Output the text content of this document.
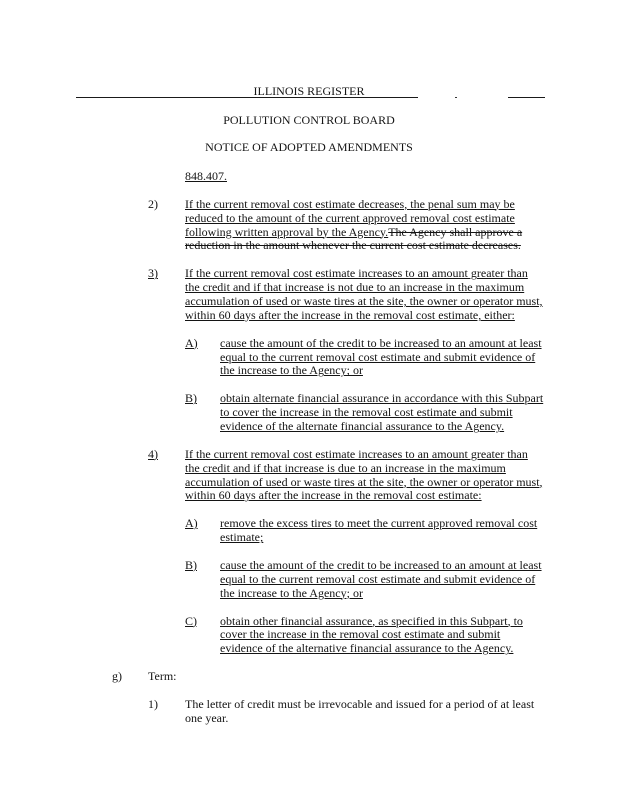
ILLINOIS REGISTER
POLLUTION CONTROL BOARD
NOTICE OF ADOPTED AMENDMENTS
848.407.
2) If the current removal cost estimate decreases, the penal sum may be
reduced to the amount of the current approved removal cost estimate
following written approval by the Agency.The Agency shall approve a
reduction in the amount whenever the current cost estimate decreases.
3) If the current removal cost estimate increases to an amount greater than
the credit and if that increase is not due to an increase in the maximum
accumulation of used or waste tires at the site, the owner or operator must,
within 60 days after the increase in the removal cost estimate, either:
A) cause the amount of the credit to be increased to an amount at least
equal to the current removal cost estimate and submit evidence of
the increase to the Agency; or
B) obtain alternate financial assurance in accordance with this Subpart
to cover the increase in the removal cost estimate and submit
evidence of the alternate financial assurance to the Agency.
4) If the current removal cost estimate increases to an amount greater than
the credit and if that increase is due to an increase in the maximum
accumulation of used or waste tires at the site, the owner or operator must,
within 60 days after the increase in the removal cost estimate:
A) remove the excess tires to meet the current approved removal cost
estimate;
B) cause the amount of the credit to be increased to an amount at least
equal to the current removal cost estimate and submit evidence of
the increase to the Agency; or
C) obtain other financial assurance, as specified in this Subpart, to
cover the increase in the removal cost estimate and submit
evidence of the alternative financial assurance to the Agency.
g) Term:
1) The letter of credit must be irrevocable and issued for a period of at least
one year.
